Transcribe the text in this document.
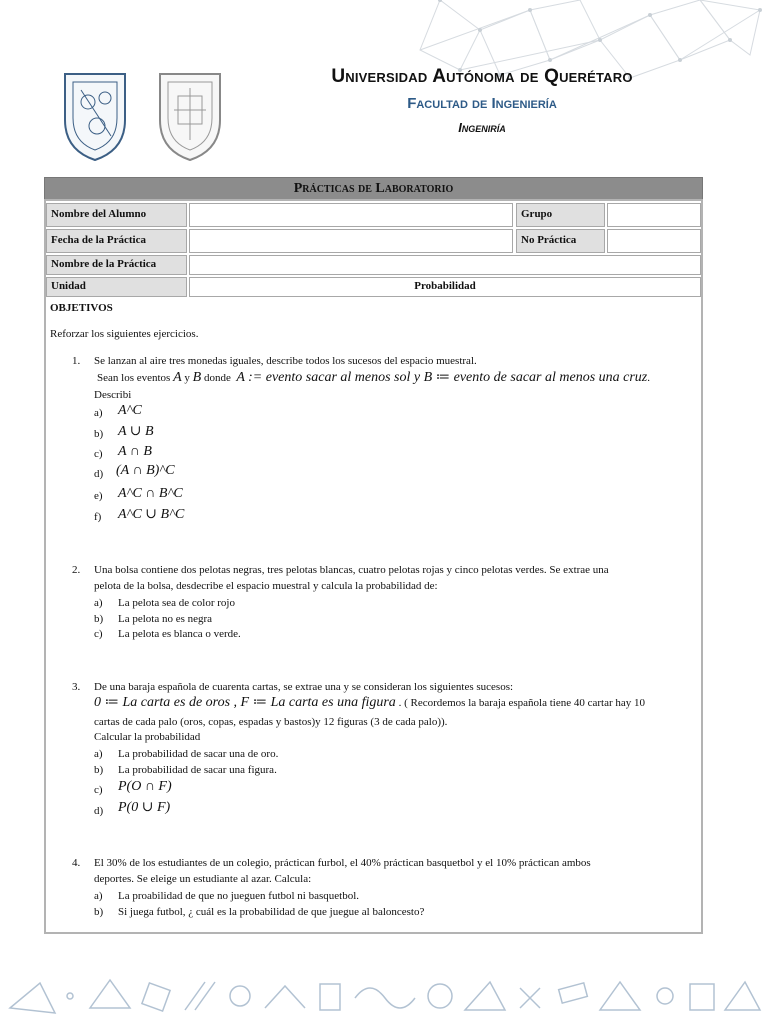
Universidad Autónoma de Querétaro
Facultad de Ingeniería
Ingeniría
Prácticas de Laboratorio
Nombre del Alumno	Grupo
Fecha de la Práctica	No Práctica
Nombre de la Práctica
Unidad	Probabilidad
OBJETIVOS
Reforzar los siguientes ejercicios.
1. Se lanzan al aire tres monedas iguales, describe todos los sucesos del espacio muestral.
Sean los eventos A y B donde A := evento sacar al menos sol y B ≔ evento de sacar al menos una cruz.
Describi
a) A^C
b) A ∪ B
c) A ∩ B
d) (A ∩ B)^C
e) A^C ∩ B^C
f) A^C ∪ B^C
2. Una bolsa contiene dos pelotas negras, tres pelotas blancas, cuatro pelotas rojas y cinco pelotas verdes. Se extrae una
pelota de la bolsa, desdecribe el espacio muestral y calcula la probabilidad de:
a) La pelota sea de color rojo
b) La pelota no es negra
c) La pelota es blanca o verde.
3. De una baraja española de cuarenta cartas, se extrae una y se consideran los siguientes sucesos:
0 ≔ La carta es de oros , F ≔ La carta es una figura . ( Recordemos la baraja española tiene 40 cartar hay 10
cartas de cada palo (oros, copas, espadas y bastos)y 12 figuras (3 de cada palo)).
Calcular la probabilidad
a) La probabilidad de sacar una de oro.
b) La probabilidad de sacar una figura.
c) P(O ∩ F)
d) P(0 ∪ F)
4. El 30% de los estudiantes de un colegio, práctican furbol, el 40% práctican basquetbol y el 10% práctican ambos
deportes. Se eleige un estudiante al azar. Calcula:
a) La proabilidad de que no jueguen futbol ni basquetbol.
b) Si juega futbol, ¿ cuál es la probabilidad de que juegue al baloncesto?
